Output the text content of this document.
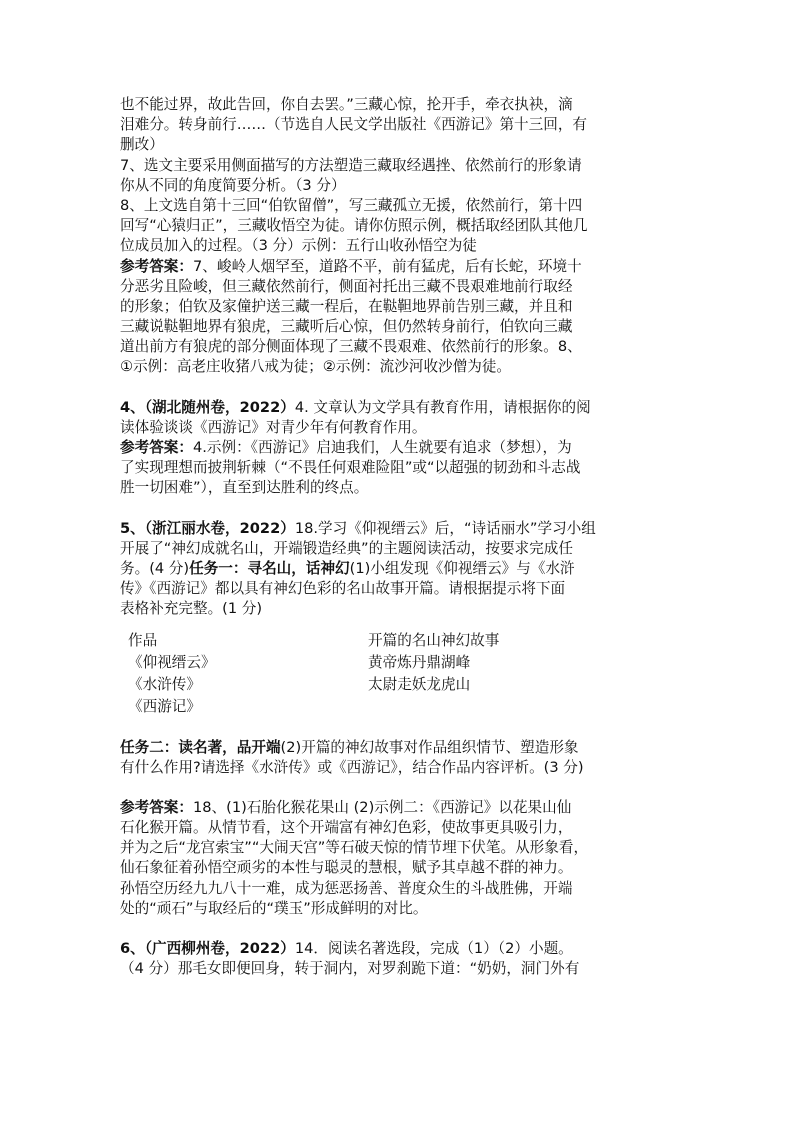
也不能过界，故此告回，你自去罢。”三藏心惊，抡开手，牵衣执袂，滴
泪难分。转身前行……（节选自人民文学出版社《西游记》第十三回，有
删改）
7、选文主要采用侧面描写的方法塑造三藏取经遇挫、依然前行的形象请
你从不同的角度简要分析。（3 分）
8、上文选自第十三回“伯钦留僧”，写三藏孤立无援，依然前行，第十四
回写“心猿归正”，三藏收悟空为徒。请你仿照示例，概括取经团队其他几
位成员加入的过程。（3 分）示例：五行山收孙悟空为徒
参考答案：7、峻岭人烟罕至，道路不平，前有猛虎，后有长蛇，环境十
分恶劣且险峻，但三藏依然前行，侧面衬托出三藏不畏艰难地前行取经
的形象；伯钦及家僮护送三藏一程后，在鞑靼地界前告别三藏，并且和
三藏说鞑靼地界有狼虎，三藏听后心惊，但仍然转身前行，伯钦向三藏
道出前方有狼虎的部分侧面体现了三藏不畏艰难、依然前行的形象。8、
①示例：高老庄收猪八戒为徒；②示例：流沙河收沙僧为徒。
4、（湖北随州卷，2022）4. 文章认为文学具有教育作用，请根据你的阅
读体验谈谈《西游记》对青少年有何教育作用。
参考答案：4.示例：《西游记》启迪我们，人生就要有追求（梦想），为
了实现理想而披荆斩棘（“不畏任何艰难险阻”或“以超强的韧劲和斗志战
胜一切困难”），直至到达胜利的终点。
5、（浙江丽水卷，2022）18.学习《仰视缙云》后，“诗话丽水”学习小组
开展了“神幻成就名山，开端锻造经典”的主题阅读活动，按要求完成任
务。(4 分)任务一：寻名山，话神幻(1)小组发现《仰视缙云》与《水浒
传》《西游记》都以具有神幻色彩的名山故事开篇。请根据提示将下面
表格补充完整。(1 分)
作品	开篇的名山神幻故事
《仰视缙云》	黄帝炼丹鼎湖峰
《水浒传》	太尉走妖龙虎山
《西游记》
任务二：读名著，品开端(2)开篇的神幻故事对作品组织情节、塑造形象
有什么作用?请选择《水浒传》或《西游记》，结合作品内容评析。(3 分)
参考答案：18、(1)石胎化猴花果山 (2)示例二：《西游记》以花果山仙
石化猴开篇。从情节看，这个开端富有神幻色彩，使故事更具吸引力，
并为之后“龙宫索宝”“大闹天宫”等石破天惊的情节埋下伏笔。从形象看，
仙石象征着孙悟空顽劣的本性与聪灵的慧根，赋予其卓越不群的神力。
孙悟空历经九九八十一难，成为惩恶扬善、普度众生的斗战胜佛，开端
处的“顽石”与取经后的“璞玉”形成鲜明的对比。
6、（广西柳州卷，2022）14．阅读名著选段，完成（1）（2）小题。
（4 分）那毛女即便回身，转于洞内，对罗刹跪下道：“奶奶，洞门外有
